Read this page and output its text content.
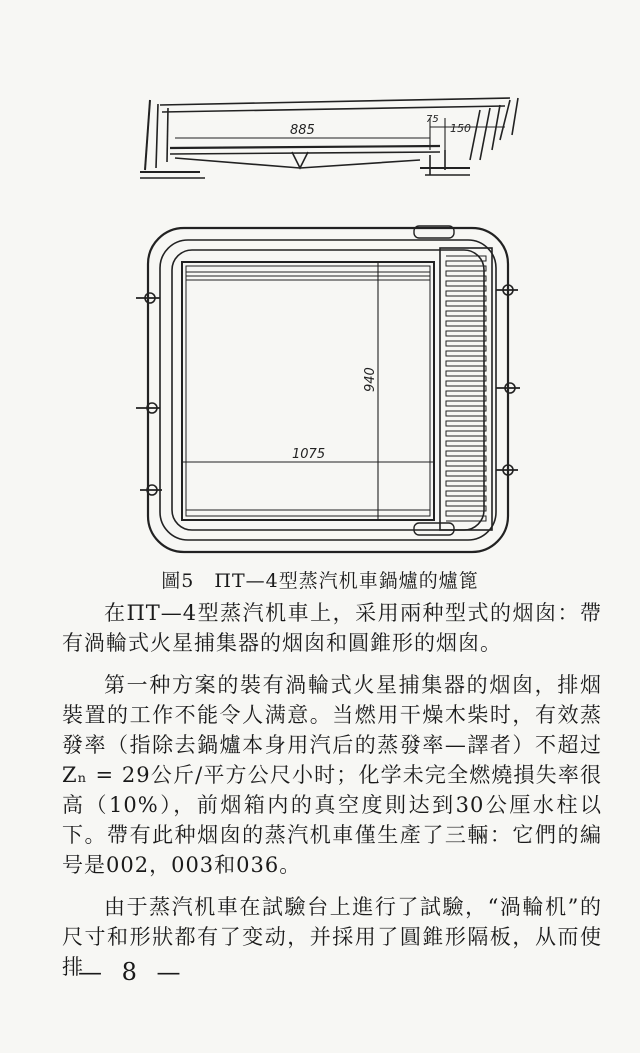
885
75
150
940
1075
圖5　ПТ—4型蒸汽机車鍋爐的爐篦

在ПТ—4型蒸汽机車上，采用兩种型式的烟囱：帶有渦輪式火星捕集器的烟囱和圓錐形的烟囱。

第一种方案的裝有渦輪式火星捕集器的烟囱，排烟裝置的工作不能令人满意。当燃用干燥木柴时，有效蒸發率（指除去鍋爐本身用汽后的蒸發率—譯者）不超过Zₙ = 29公斤/平方公尺小时；化学未完全燃燒損失率很高（10%），前烟箱内的真空度則达到30公厘水柱以下。帶有此种烟囱的蒸汽机車僅生產了三輛：它們的編号是002，003和036。

由于蒸汽机車在試驗台上進行了試驗，“渦輪机”的尺寸和形狀都有了变动，并採用了圓錐形隔板，从而使排

— 8 —
